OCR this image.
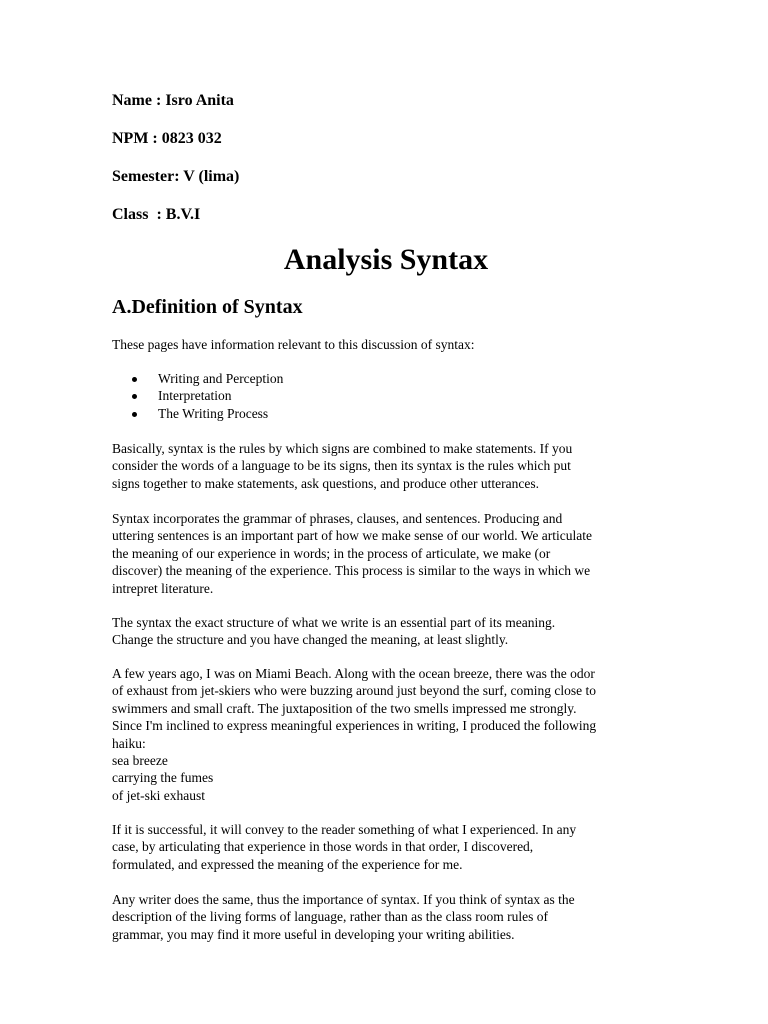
Name : Isro Anita
NPM : 0823 032
Semester: V (lima)
Class  : B.V.I
Analysis Syntax
A.Definition of Syntax

These pages have information relevant to this discussion of syntax:

Writing and Perception
Interpretation
The Writing Process

Basically, syntax is the rules by which signs are combined to make statements. If you
consider the words of a language to be its signs, then its syntax is the rules which put
signs together to make statements, ask questions, and produce other utterances.

Syntax incorporates the grammar of phrases, clauses, and sentences. Producing and
uttering sentences is an important part of how we make sense of our world. We articulate
the meaning of our experience in words; in the process of articulate, we make (or
discover) the meaning of the experience. This process is similar to the ways in which we
intrepret literature.

The syntax the exact structure of what we write is an essential part of its meaning.
Change the structure and you have changed the meaning, at least slightly.

A few years ago, I was on Miami Beach. Along with the ocean breeze, there was the odor
of exhaust from jet-skiers who were buzzing around just beyond the surf, coming close to
swimmers and small craft. The juxtaposition of the two smells impressed me strongly.
Since I'm inclined to express meaningful experiences in writing, I produced the following
haiku:
sea breeze
carrying the fumes
of jet-ski exhaust

If it is successful, it will convey to the reader something of what I experienced. In any
case, by articulating that experience in those words in that order, I discovered,
formulated, and expressed the meaning of the experience for me.

Any writer does the same, thus the importance of syntax. If you think of syntax as the
description of the living forms of language, rather than as the class room rules of
grammar, you may find it more useful in developing your writing abilities.
